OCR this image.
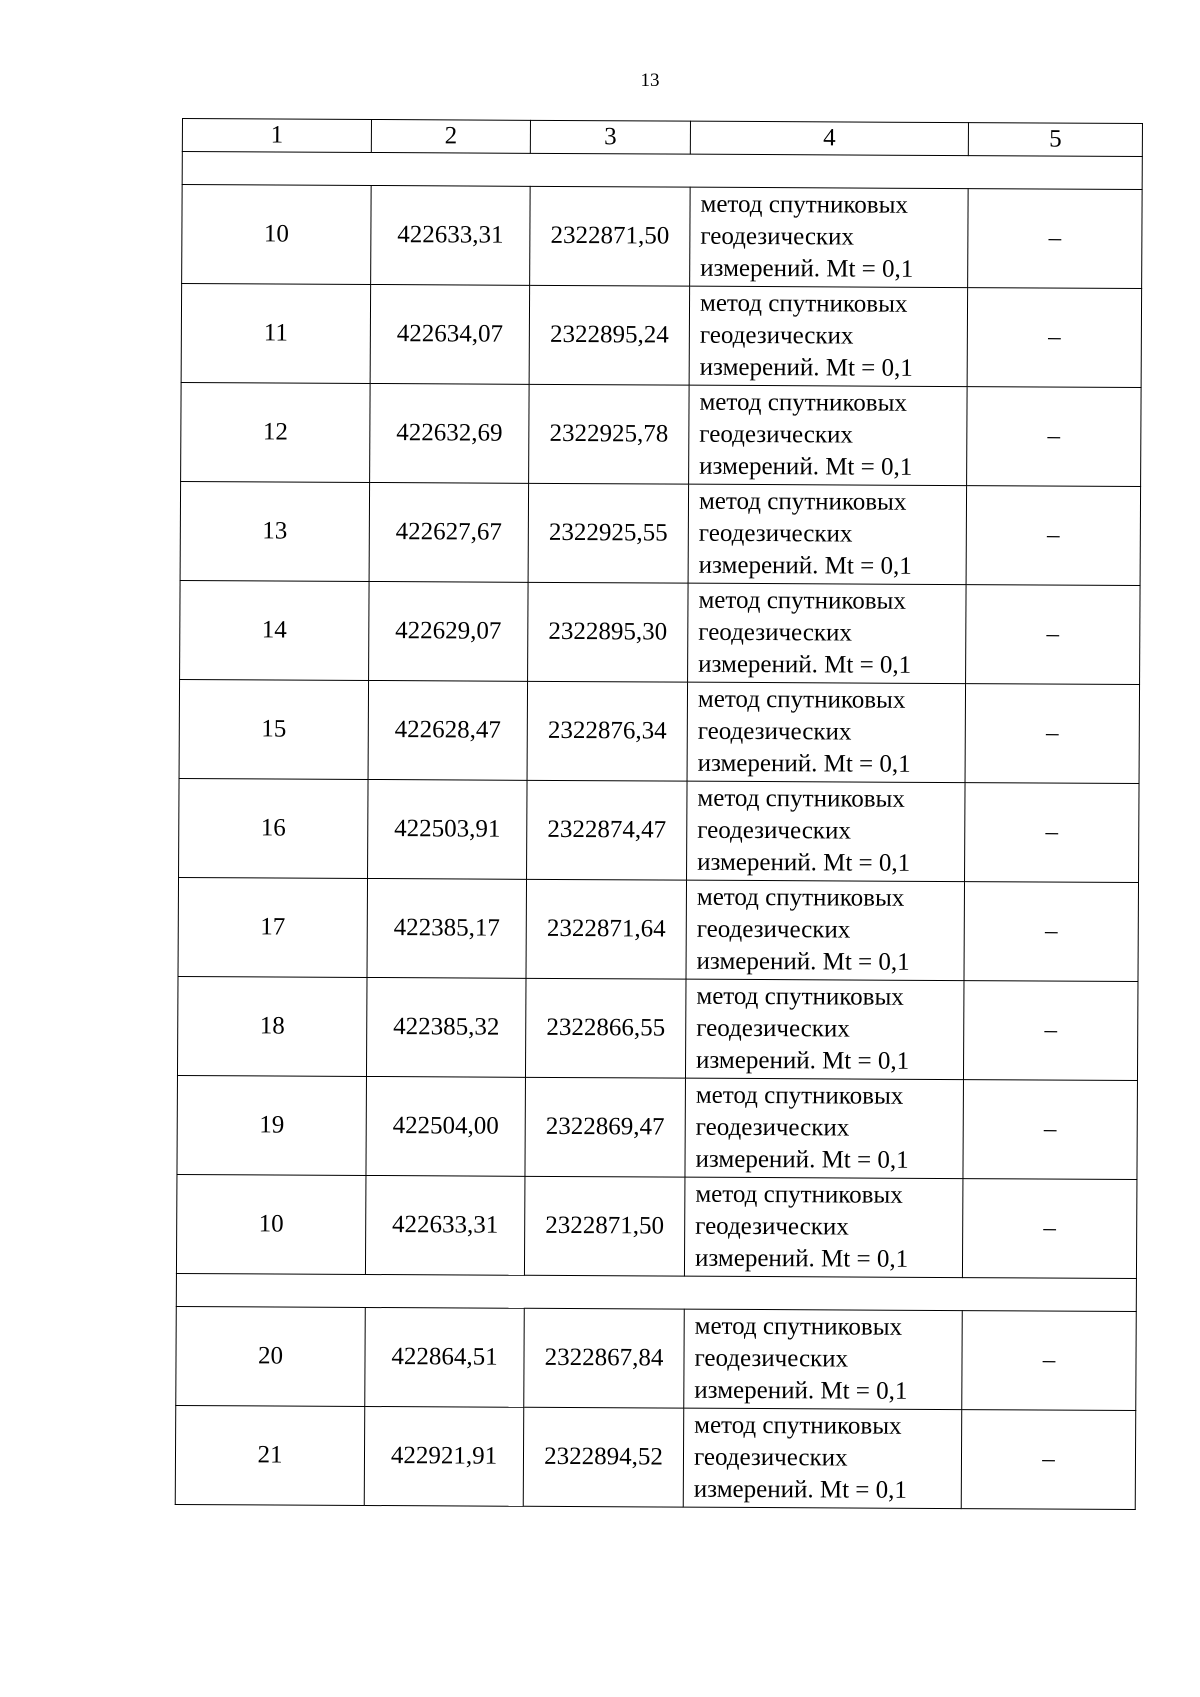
13
1	2	3	4	5

10	422633,31	2322871,50	метод спутниковых
геодезических
измерений. Mt = 0,1	–
11	422634,07	2322895,24	метод спутниковых
геодезических
измерений. Mt = 0,1	–
12	422632,69	2322925,78	метод спутниковых
геодезических
измерений. Mt = 0,1	–
13	422627,67	2322925,55	метод спутниковых
геодезических
измерений. Mt = 0,1	–
14	422629,07	2322895,30	метод спутниковых
геодезических
измерений. Mt = 0,1	–
15	422628,47	2322876,34	метод спутниковых
геодезических
измерений. Mt = 0,1	–
16	422503,91	2322874,47	метод спутниковых
геодезических
измерений. Mt = 0,1	–
17	422385,17	2322871,64	метод спутниковых
геодезических
измерений. Mt = 0,1	–
18	422385,32	2322866,55	метод спутниковых
геодезических
измерений. Mt = 0,1	–
19	422504,00	2322869,47	метод спутниковых
геодезических
измерений. Mt = 0,1	–
10	422633,31	2322871,50	метод спутниковых
геодезических
измерений. Mt = 0,1	–

20	422864,51	2322867,84	метод спутниковых
геодезических
измерений. Mt = 0,1	–
21	422921,91	2322894,52	метод спутниковых
геодезических
измерений. Mt = 0,1	–
